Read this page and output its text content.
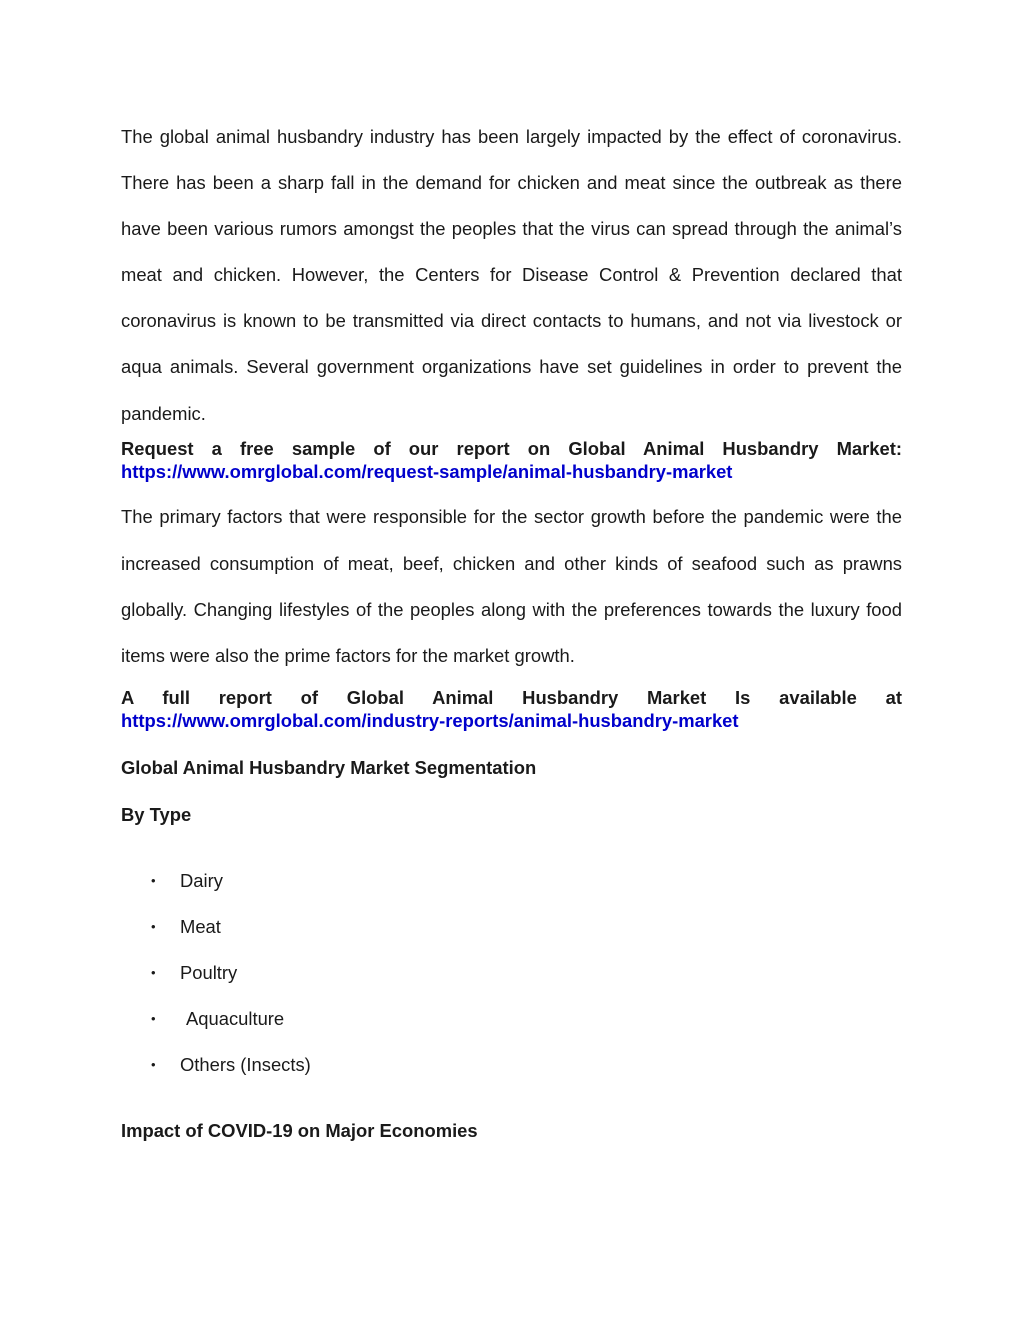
The global animal husbandry industry has been largely impacted by the effect of coronavirus. There has been a sharp fall in the demand for chicken and meat since the outbreak as there have been various rumors amongst the peoples that the virus can spread through the animal’s meat and chicken. However, the Centers for Disease Control & Prevention declared that coronavirus is known to be transmitted via direct contacts to humans, and not via livestock or aqua animals. Several government organizations have set guidelines in order to prevent the pandemic.

Request a free sample of our report on Global Animal Husbandry Market:
https://www.omrglobal.com/request-sample/animal-husbandry-market

The primary factors that were responsible for the sector growth before the pandemic were the increased consumption of meat, beef, chicken and other kinds of seafood such as prawns globally. Changing lifestyles of the peoples along with the preferences towards the luxury food items were also the prime factors for the market growth.

A full report of Global Animal Husbandry Market Is available at
https://www.omrglobal.com/industry-reports/animal-husbandry-market

Global Animal Husbandry Market Segmentation
By Type
• Dairy
• Meat
• Poultry
• Aquaculture
• Others (Insects)
Impact of COVID-19 on Major Economies
